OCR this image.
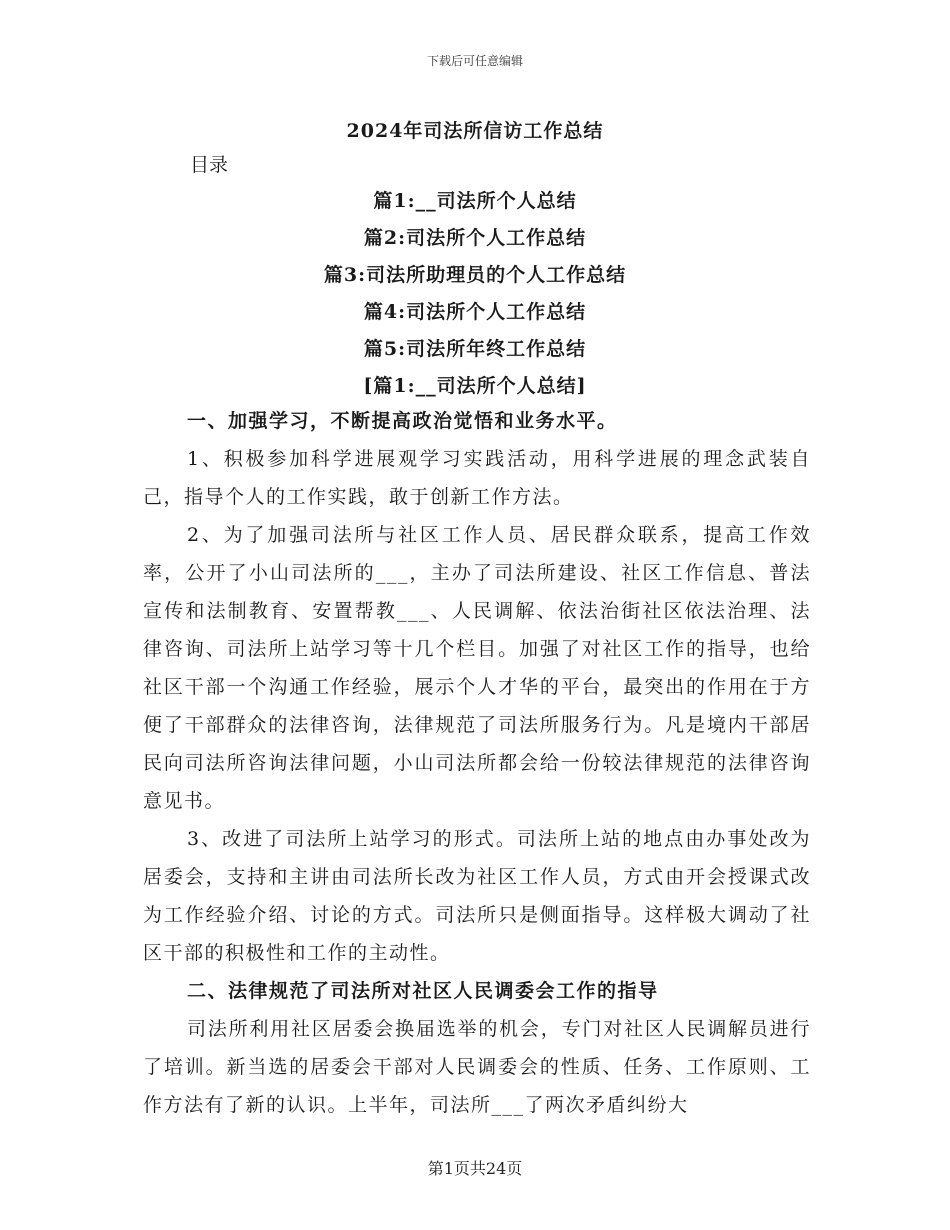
下载后可任意编辑
2024年司法所信访工作总结
目录
篇1:__司法所个人总结
篇2:司法所个人工作总结
篇3:司法所助理员的个人工作总结
篇4:司法所个人工作总结
篇5:司法所年终工作总结
[篇1:__司法所个人总结]
一、加强学习，不断提高政治觉悟和业务水平。

1、积极参加科学进展观学习实践活动，用科学进展的理念武装自己，指导个人的工作实践，敢于创新工作方法。

2、为了加强司法所与社区工作人员、居民群众联系，提高工作效率，公开了小山司法所的___，主办了司法所建设、社区工作信息、普法宣传和法制教育、安置帮教___、人民调解、依法治街社区依法治理、法律咨询、司法所上站学习等十几个栏目。加强了对社区工作的指导，也给社区干部一个沟通工作经验，展示个人才华的平台，最突出的作用在于方便了干部群众的法律咨询，法律规范了司法所服务行为。凡是境内干部居民向司法所咨询法律问题，小山司法所都会给一份较法律规范的法律咨询意见书。

3、改进了司法所上站学习的形式。司法所上站的地点由办事处改为居委会，支持和主讲由司法所长改为社区工作人员，方式由开会授课式改为工作经验介绍、讨论的方式。司法所只是侧面指导。这样极大调动了社区干部的积极性和工作的主动性。

二、法律规范了司法所对社区人民调委会工作的指导

司法所利用社区居委会换届选举的机会，专门对社区人民调解员进行了培训。新当选的居委会干部对人民调委会的性质、任务、工作原则、工作方法有了新的认识。上半年，司法所___了两次矛盾纠纷大

第1页共24页
